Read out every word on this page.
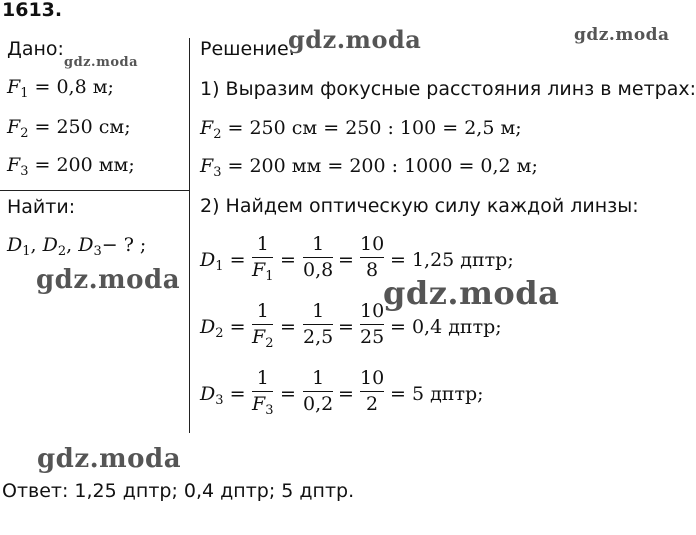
1613.
Дано:
$F_1 = 0,8$ м;
$F_2 = 250$ см;
$F_3 = 200$ мм;
Найти:
$D_1$, $D_2$, $D_3-$ ? ;
Решение:
1) Выразим фокусные расстояния линз в метрах:
$F_2 = 250$ см = 250 : 100 = 2,5 м;
$F_3 = 200$ мм = 200 : 1000 = 0,2 м;
2) Найдем оптическую силу каждой линзы:
$D_1$ =
1
$F_1$
=
1
0,8 =
10
8 = 1,25 дптр;
$D_2$ =
1
$F_2$
=
1
2,5 =
10
25 = 0,4 дптр;
$D_3$ =
1
$F_3$
=
1
0,2 =
10
2 = 5 дптр;
Ответ: 1,25 дптр; 0,4 дптр; 5 дптр.
gdz.moda	gdz.moda
gdz.moda
gdz.moda	gdz.moda
gdz.moda
